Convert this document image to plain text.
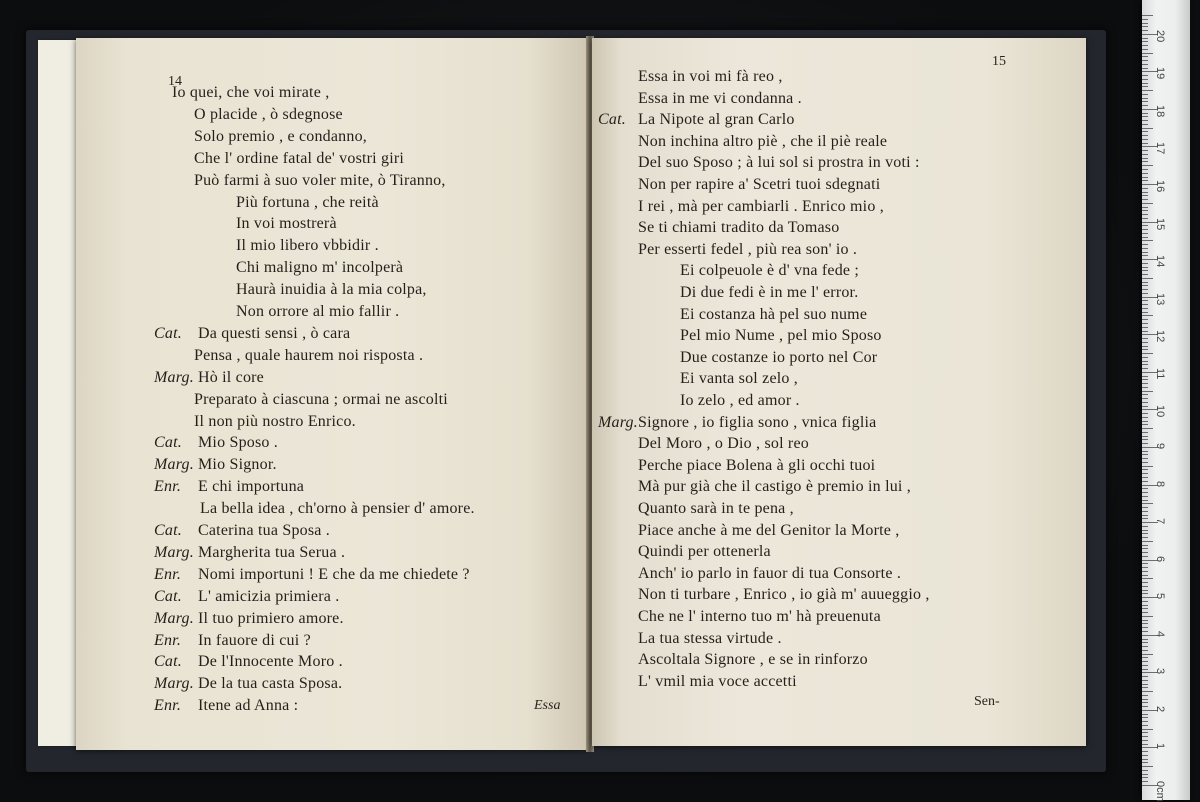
14
Io quei, che voi mirate ,
O placide , ò sdegnose
Solo premio , e condanno,
Che l' ordine fatal de' vostri giri
Può farmi à suo voler mite, ò Tiranno,
Più fortuna , che reità
In voi mostrerà
Il mio libero vbbidir .
Chi maligno m' incolperà
Haurà inuidia à la mia colpa,
Non orrore al mio fallir .
Cat. Da questi sensi , ò cara
Pensa , quale haurem noi risposta .
Marg. Hò il core
Preparato à ciascuna ; ormai ne ascolti
Il non più nostro Enrico.
Cat. Mio Sposo .
Marg. Mio Signor.
Enr. E chi importuna
La bella idea , ch'orno à pensier d' amore.
Cat. Caterina tua Sposa .
Marg. Margherita tua Serua .
Enr. Nomi importuni ! E che da me chiedete ?
Cat. L' amicizia primiera .
Marg. Il tuo primiero amore.
Enr. In fauore di cui ?
Cat. De l'Innocente Moro .
Marg. De la tua casta Sposa.
Enr. Itene ad Anna :	Essa
15
Essa in voi mi fà reo ,
Essa in me vi condanna .
Cat. La Nipote al gran Carlo
Non inchina altro piè , che il piè reale
Del suo Sposo ; à lui sol si prostra in voti :
Non per rapire a' Scetri tuoi sdegnati
I rei , mà per cambiarli . Enrico mio ,
Se ti chiami tradito da Tomaso
Per esserti fedel , più rea son' io .
Ei colpeuole è d' vna fede ;
Di due fedi è in me l' error.
Ei costanza hà pel suo nume
Pel mio Nume , pel mio Sposo
Due costanze io porto nel Cor
Ei vanta sol zelo ,
Io zelo , ed amor .
Marg.Signore , io figlia sono , vnica figlia
Del Moro , o Dio , sol reo
Perche piace Bolena à gli occhi tuoi
Mà pur già che il castigo è premio in lui ,
Quanto sarà in te pena ,
Piace anche à me del Genitor la Morte ,
Quindi per ottenerla
Anch' io parlo in fauor di tua Consorte .
Non ti turbare , Enrico , io già m' auueggio ,
Che ne l' interno tuo m' hà preuenuta
La tua stessa virtude .
Ascoltala Signore , e se in rinforzo
L' vmil mia voce accetti
Sen-
0cm
1
2
3
4
5
6
7
8
9
10
11
12
13
14
15
16
17
18
19
20
